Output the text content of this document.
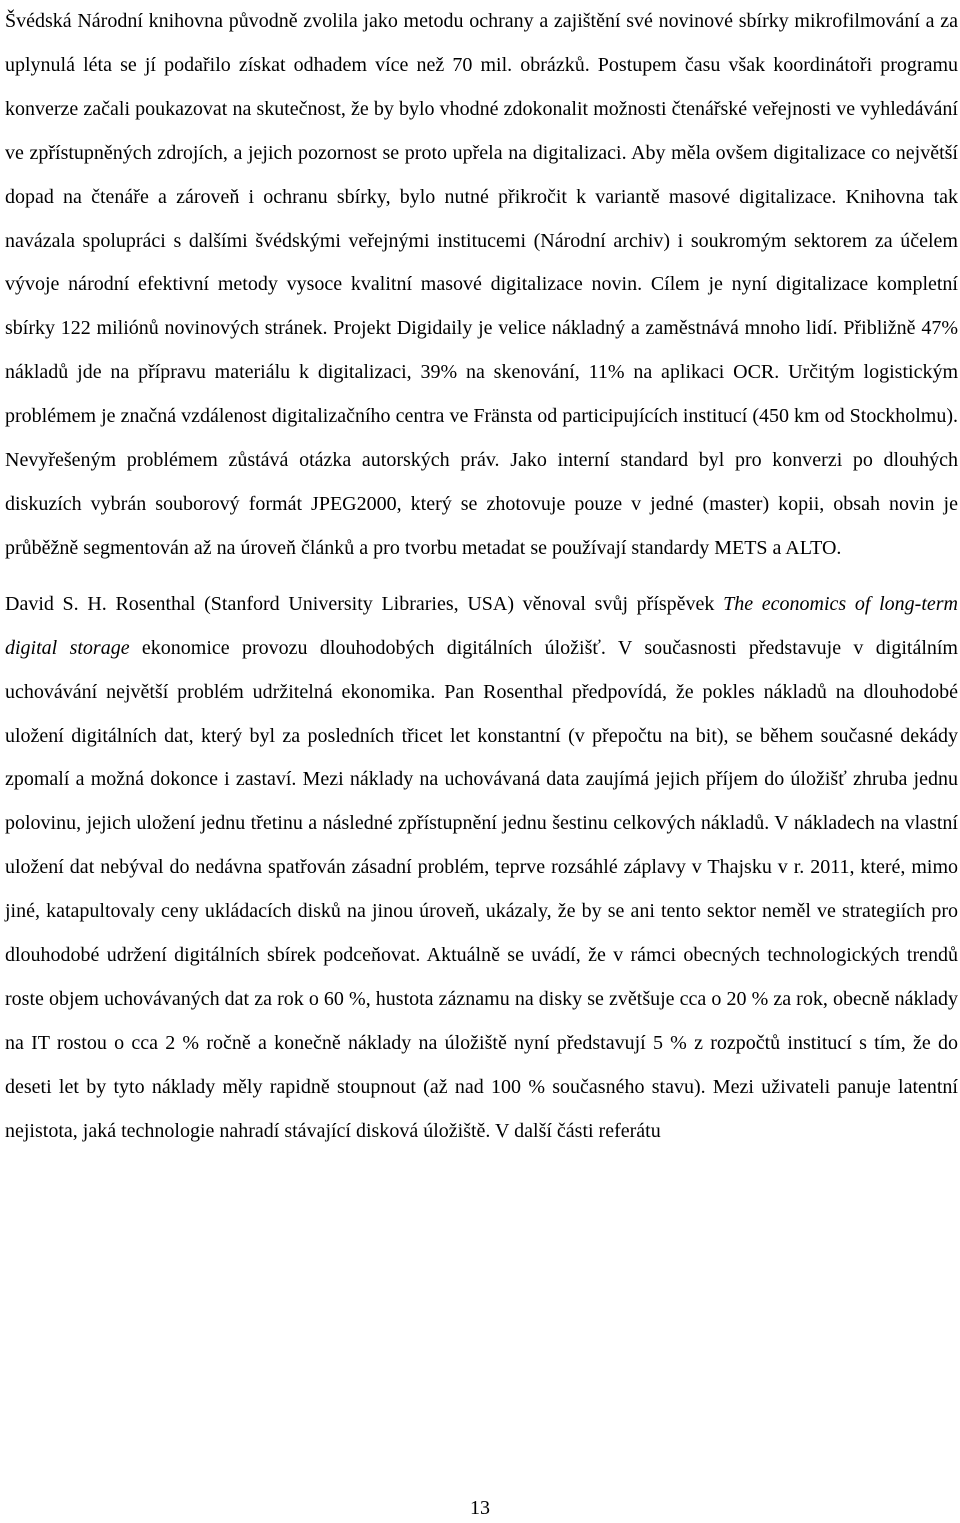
Švédská Národní knihovna původně zvolila jako metodu ochrany a zajištění své novinové sbírky mikrofilmování a za uplynulá léta se jí podařilo získat odhadem více než 70 mil. obrázků. Postupem času však koordinátoři programu konverze začali poukazovat na skutečnost, že by bylo vhodné zdokonalit možnosti čtenářské veřejnosti ve vyhledávání ve zpřístupněných zdrojích, a jejich pozornost se proto upřela na digitalizaci. Aby měla ovšem digitalizace co největší dopad na čtenáře a zároveň i ochranu sbírky, bylo nutné přikročit k variantě masové digitalizace. Knihovna tak navázala spolupráci s dalšími švédskými veřejnými institucemi (Národní archiv) i soukromým sektorem za účelem vývoje národní efektivní metody vysoce kvalitní masové digitalizace novin. Cílem je nyní digitalizace kompletní sbírky 122 miliónů novinových stránek. Projekt Digidaily je velice nákladný a zaměstnává mnoho lidí. Přibližně 47% nákladů jde na přípravu materiálu k digitalizaci, 39% na skenování, 11% na aplikaci OCR. Určitým logistickým problémem je značná vzdálenost digitalizačního centra ve Fränsta od participujících institucí (450 km od Stockholmu). Nevyřešeným problémem zůstává otázka autorských práv. Jako interní standard byl pro konverzi po dlouhých diskuzích vybrán souborový formát JPEG2000, který se zhotovuje pouze v jedné (master) kopii, obsah novin je průběžně segmentován až na úroveň článků a pro tvorbu metadat se používají standardy METS a ALTO.

David S. H. Rosenthal (Stanford University Libraries, USA) věnoval svůj příspěvek The economics of long-term digital storage ekonomice provozu dlouhodobých digitálních úložišť. V současnosti představuje v digitálním uchovávání největší problém udržitelná ekonomika. Pan Rosenthal předpovídá, že pokles nákladů na dlouhodobé uložení digitálních dat, který byl za posledních třicet let konstantní (v přepočtu na bit), se během současné dekády zpomalí a možná dokonce i zastaví. Mezi náklady na uchovávaná data zaujímá jejich příjem do úložišť zhruba jednu polovinu, jejich uložení jednu třetinu a následné zpřístupnění jednu šestinu celkových nákladů. V nákladech na vlastní uložení dat nebýval do nedávna spatřován zásadní problém, teprve rozsáhlé záplavy v Thajsku v r. 2011, které, mimo jiné, katapultovaly ceny ukládacích disků na jinou úroveň, ukázaly, že by se ani tento sektor neměl ve strategiích pro dlouhodobé udržení digitálních sbírek podceňovat. Aktuálně se uvádí, že v rámci obecných technologických trendů roste objem uchovávaných dat za rok o 60 %, hustota záznamu na disky se zvětšuje cca o 20 % za rok, obecně náklady na IT rostou o cca 2 % ročně a konečně náklady na úložiště nyní představují 5 % z rozpočtů institucí s tím, že do deseti let by tyto náklady měly rapidně stoupnout (až nad 100 % současného stavu). Mezi uživateli panuje latentní nejistota, jaká technologie nahradí stávající disková úložiště. V další části referátu

13
